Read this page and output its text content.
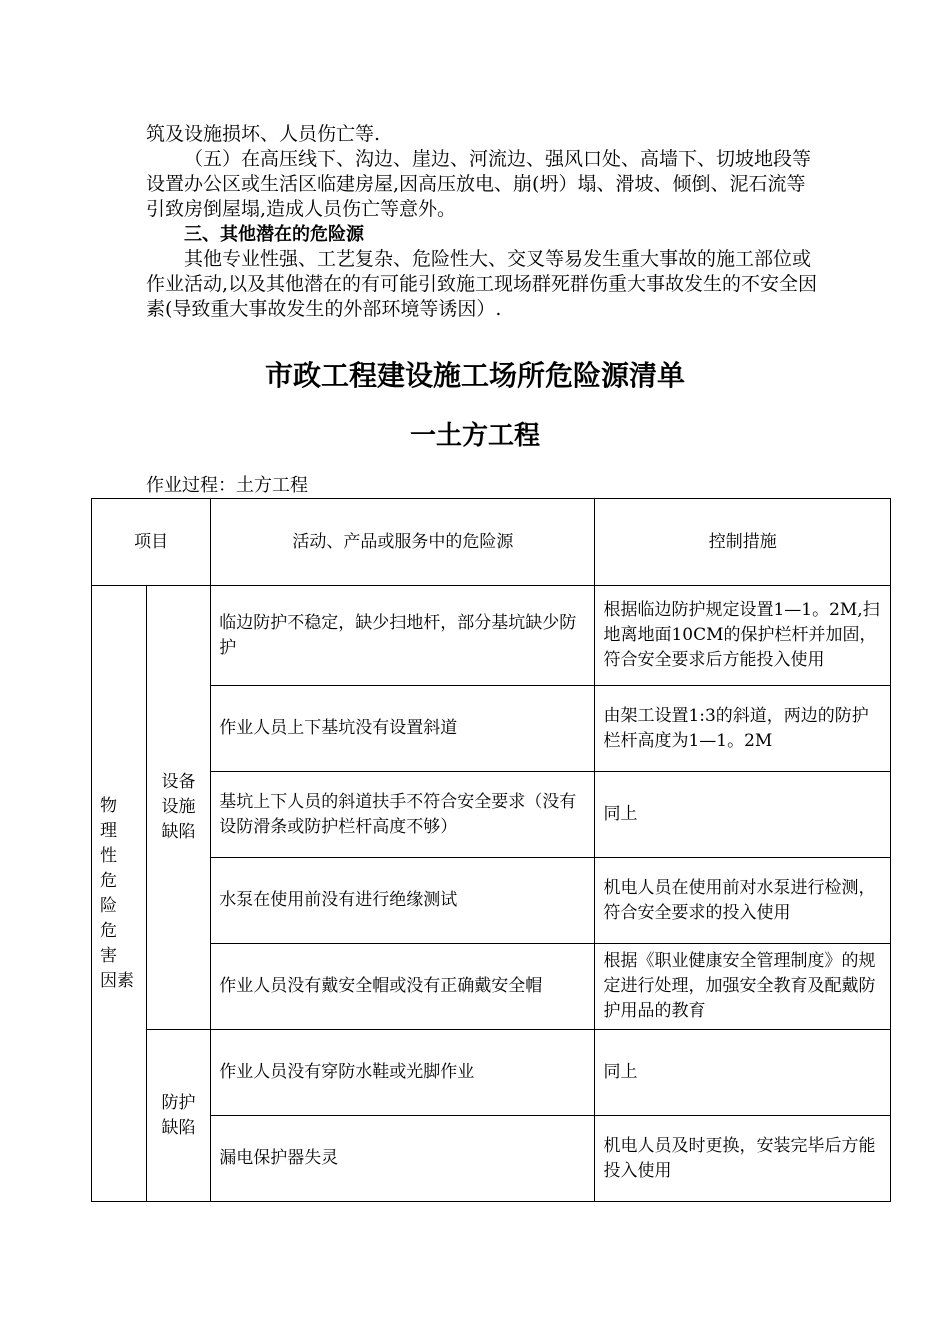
筑及设施损坏、人员伤亡等.

（五）在高压线下、沟边、崖边、河流边、强风口处、高墙下、切坡地段等设置办公区或生活区临建房屋,因高压放电、崩(坍）塌、滑坡、倾倒、泥石流等引致房倒屋塌,造成人员伤亡等意外。

三、其他潜在的危险源

其他专业性强、工艺复杂、危险性大、交叉等易发生重大事故的施工部位或作业活动,以及其他潜在的有可能引致施工现场群死群伤重大事故发生的不安全因素(导致重大事故发生的外部环境等诱因）.

市政工程建设施工场所危险源清单
一土方工程
作业过程：土方工程
项目		活动、产品或服务中的危险源	控制措施
物　理　性　　危　险　危　害　因素	设备设施缺陷	临边防护不稳定，缺少扫地杆，部分基坑缺少防护	根据临边防护规定设置1—1。2M,扫地离地面10CM的保护栏杆并加固，符合安全要求后方能投入使用
		作业人员上下基坑没有设置斜道	由架工设置1:3的斜道，两边的防护栏杆高度为1—1。2M
		基坑上下人员的斜道扶手不符合安全要求（没有设防滑条或防护栏杆高度不够）	同上
		水泵在使用前没有进行绝缘测试	机电人员在使用前对水泵进行检测，符合安全要求的投入使用
		作业人员没有戴安全帽或没有正确戴安全帽	根据《职业健康安全管理制度》的规定进行处理，加强安全教育及配戴防护用品的教育
	防护缺陷	作业人员没有穿防水鞋或光脚作业	同上
		漏电保护器失灵	机电人员及时更换，安装完毕后方能投入使用
